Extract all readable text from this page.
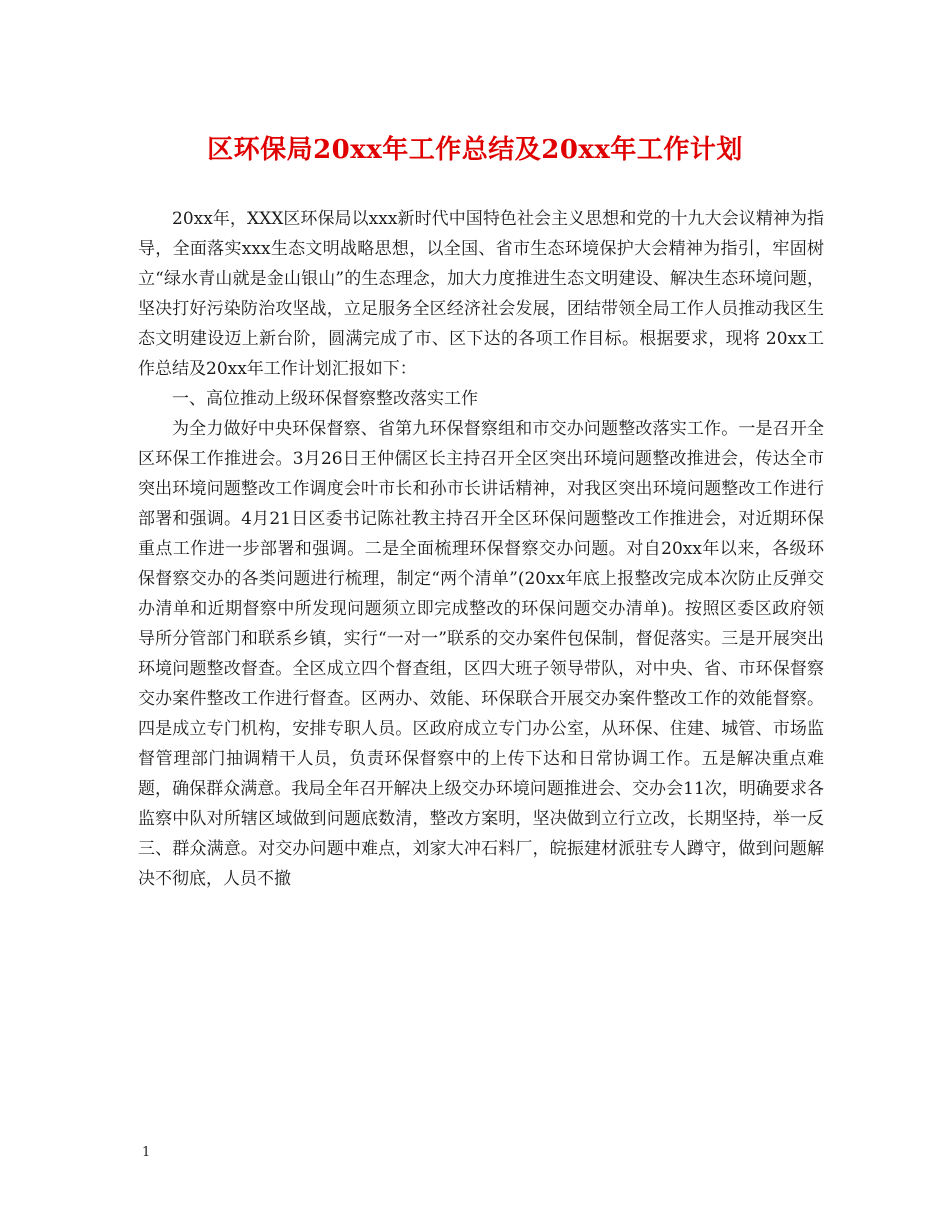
区环保局20xx年工作总结及20xx年工作计划

20xx年，XXX区环保局以xxx新时代中国特色社会主义思想和党的十九大会议精神为指导，全面落实xxx生态文明战略思想，以全国、省市生态环境保护大会精神为指引，牢固树立“绿水青山就是金山银山”的生态理念，加大力度推进生态文明建设、解决生态环境问题，坚决打好污染防治攻坚战，立足服务全区经济社会发展，团结带领全局工作人员推动我区生态文明建设迈上新台阶，圆满完成了市、区下达的各项工作目标。根据要求，现将 20xx工作总结及20xx年工作计划汇报如下：

一、高位推动上级环保督察整改落实工作

为全力做好中央环保督察、省第九环保督察组和市交办问题整改落实工作。一是召开全区环保工作推进会。3月26日王仲儒区长主持召开全区突出环境问题整改推进会，传达全市突出环境问题整改工作调度会叶市长和孙市长讲话精神，对我区突出环境问题整改工作进行部署和强调。4月21日区委书记陈社教主持召开全区环保问题整改工作推进会，对近期环保重点工作进一步部署和强调。二是全面梳理环保督察交办问题。对自20xx年以来，各级环保督察交办的各类问题进行梳理，制定“两个清单”(20xx年底上报整改完成本次防止反弹交办清单和近期督察中所发现问题须立即完成整改的环保问题交办清单)。按照区委区政府领导所分管部门和联系乡镇，实行“一对一”联系的交办案件包保制，督促落实。三是开展突出环境问题整改督查。全区成立四个督查组，区四大班子领导带队，对中央、省、市环保督察交办案件整改工作进行督查。区两办、效能、环保联合开展交办案件整改工作的效能督察。四是成立专门机构，安排专职人员。区政府成立专门办公室，从环保、住建、城管、市场监督管理部门抽调精干人员，负责环保督察中的上传下达和日常协调工作。五是解决重点难题，确保群众满意。我局全年召开解决上级交办环境问题推进会、交办会11次，明确要求各监察中队对所辖区域做到问题底数清，整改方案明，坚决做到立行立改，长期坚持，举一反三、群众满意。对交办问题中难点，刘家大冲石料厂，皖振建材派驻专人蹲守，做到问题解决不彻底，人员不撤

1
